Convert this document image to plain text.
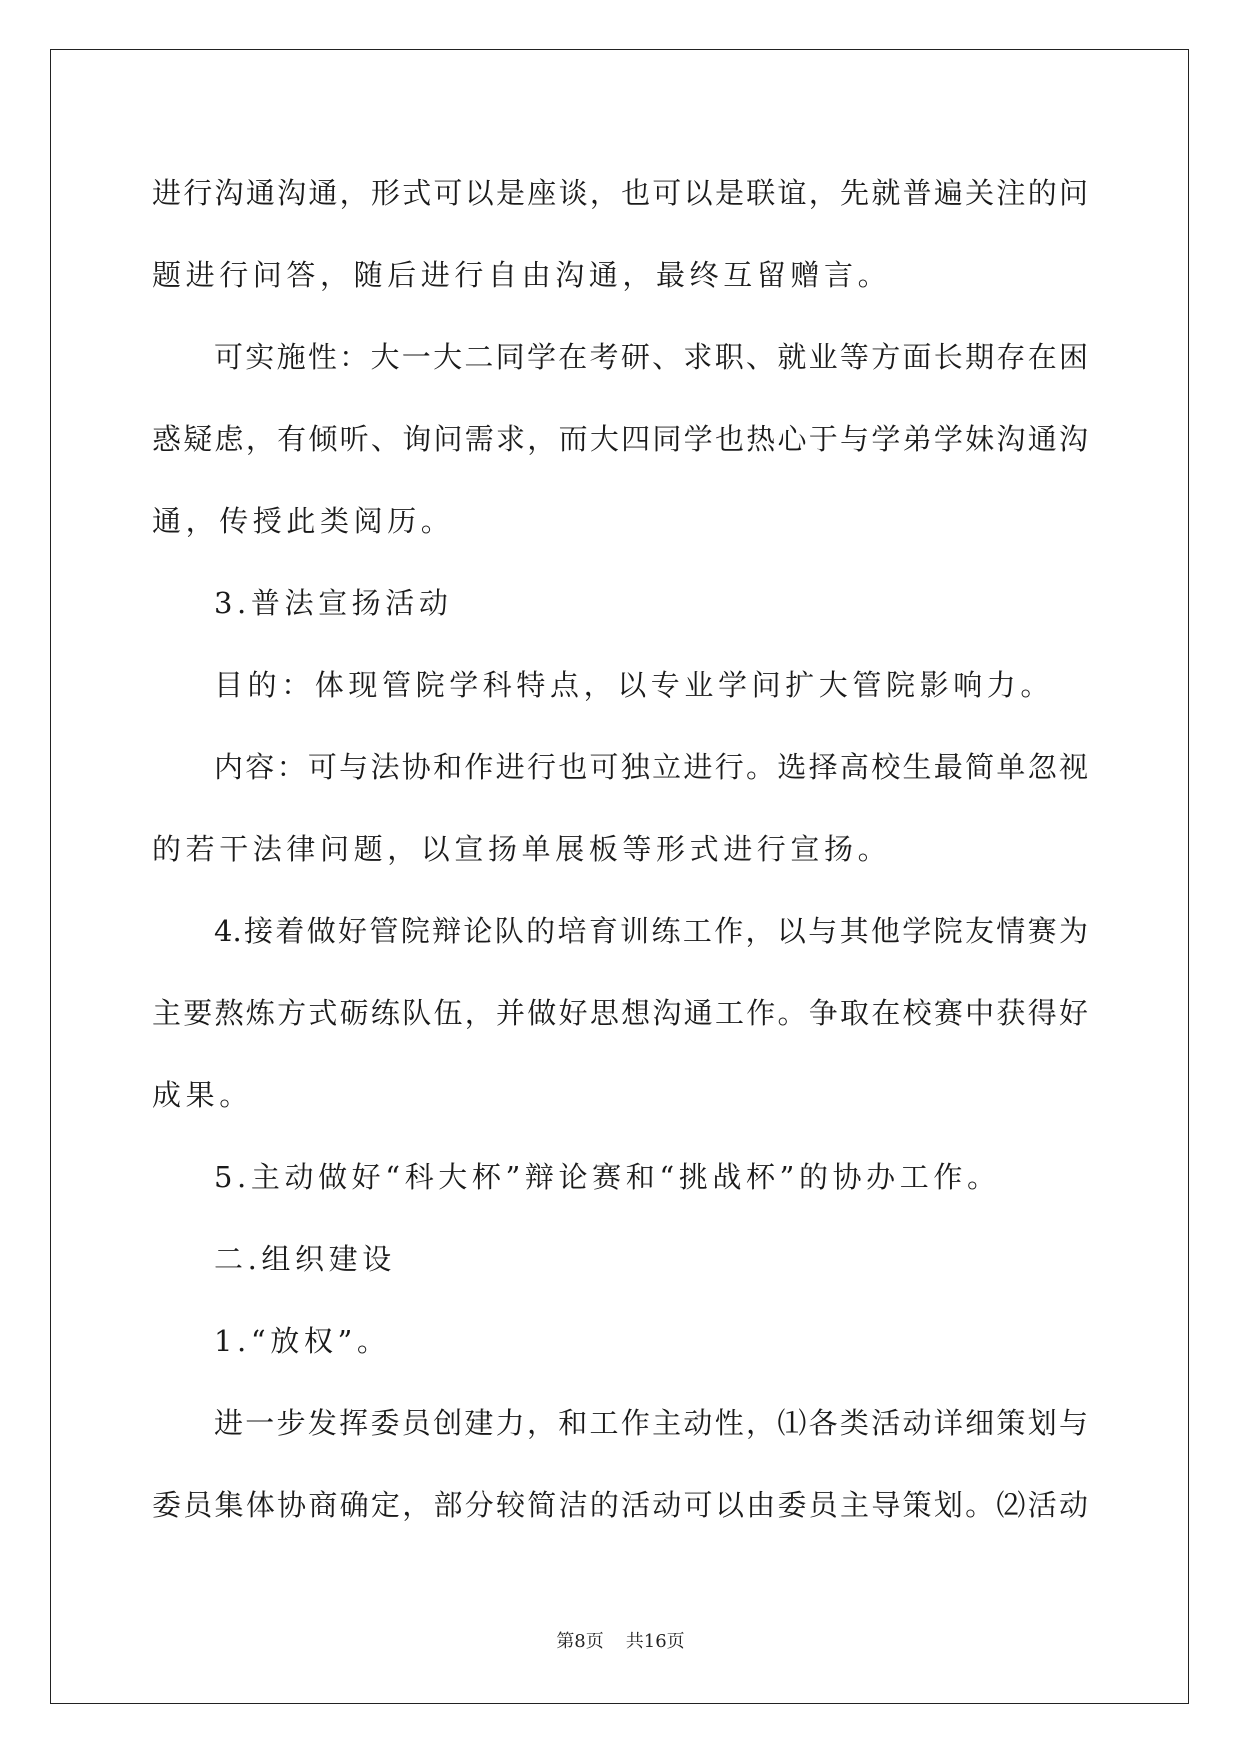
进行沟通沟通，形式可以是座谈，也可以是联谊，先就普遍关注的问
题进行问答，随后进行自由沟通，最终互留赠言。
可实施性：大一大二同学在考研、求职、就业等方面长期存在困
惑疑虑，有倾听、询问需求，而大四同学也热心于与学弟学妹沟通沟
通，传授此类阅历。
3.普法宣扬活动
目的：体现管院学科特点，以专业学问扩大管院影响力。
内容：可与法协和作进行也可独立进行。选择高校生最简单忽视
的若干法律问题，以宣扬单展板等形式进行宣扬。
4.接着做好管院辩论队的培育训练工作，以与其他学院友情赛为
主要熬炼方式砺练队伍，并做好思想沟通工作。争取在校赛中获得好
成果。
5.主动做好“科大杯”辩论赛和“挑战杯”的协办工作。
二.组织建设
1.“放权”。
进一步发挥委员创建力，和工作主动性，⑴各类活动详细策划与
委员集体协商确定，部分较简洁的活动可以由委员主导策划。⑵活动
第8页 共16页
